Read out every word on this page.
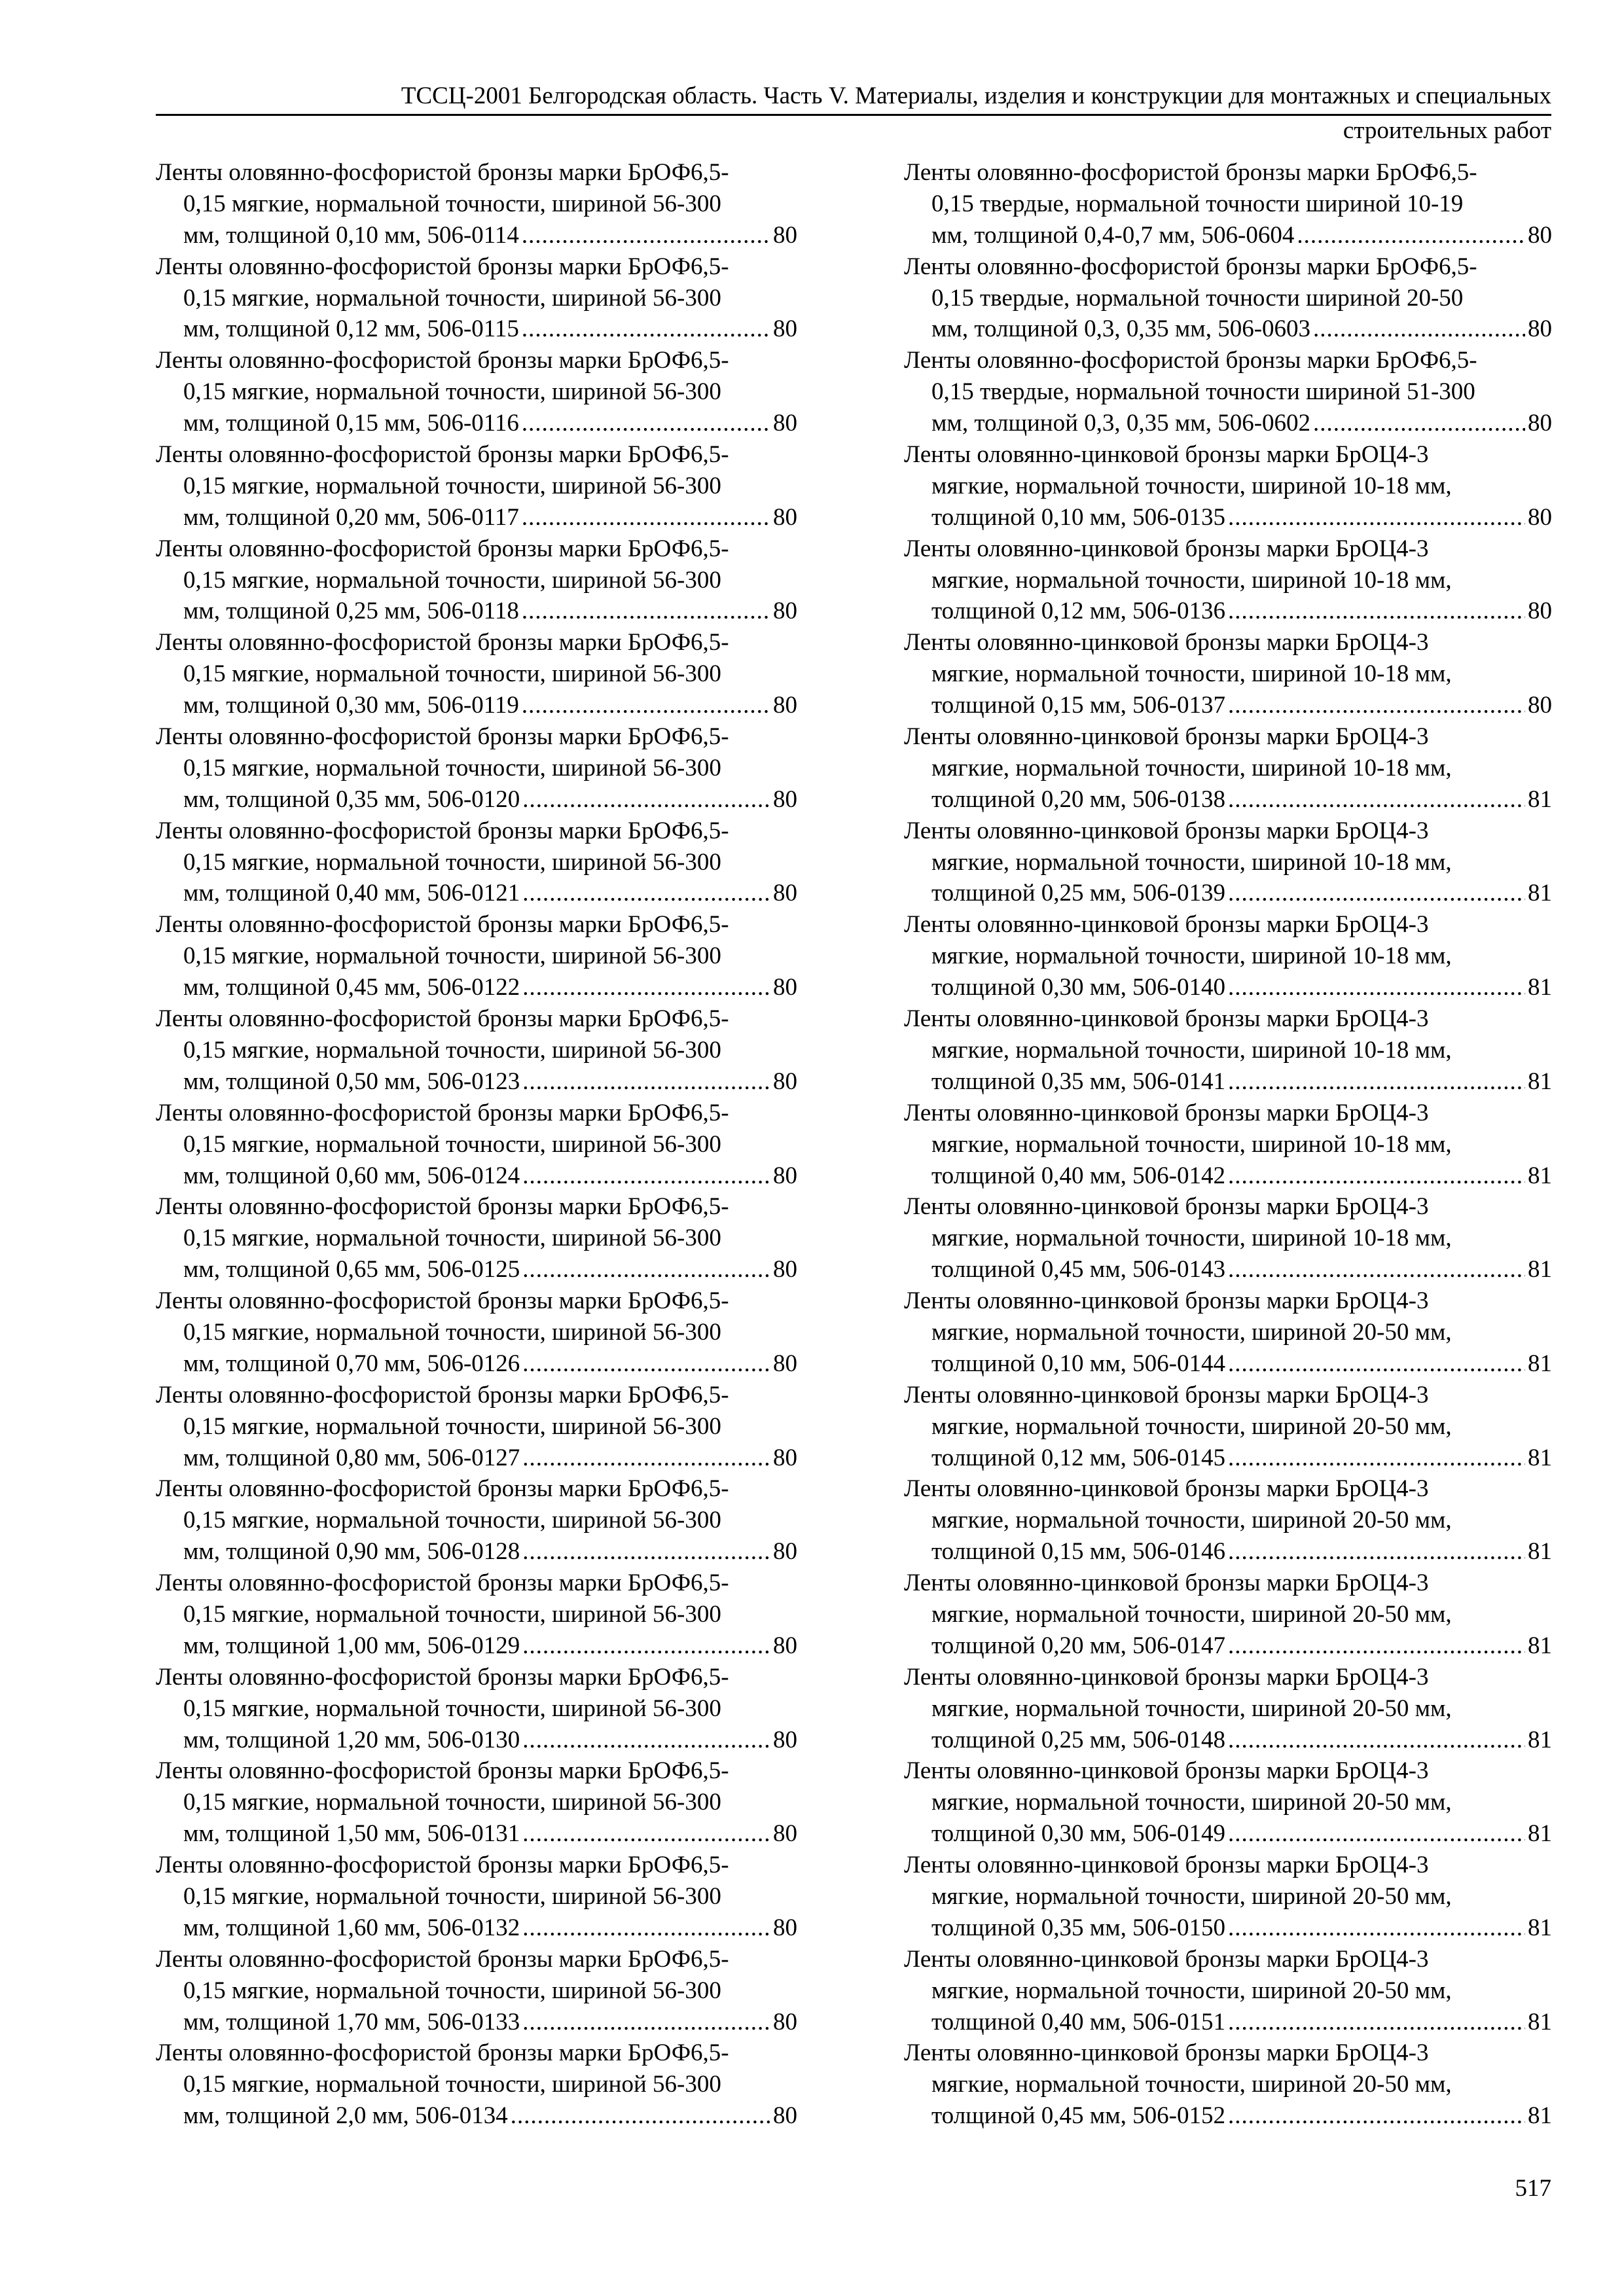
ТССЦ-2001 Белгородская область. Часть V. Материалы, изделия и конструкции для монтажных и специальных
строительных работ
Ленты оловянно-фосфористой бронзы марки БрОФ6,5-
0,15 мягкие, нормальной точности, шириной 56-300
мм, толщиной 0,10 мм, 506-0114 .....	80
Ленты оловянно-фосфористой бронзы марки БрОФ6,5-
0,15 мягкие, нормальной точности, шириной 56-300
мм, толщиной 0,12 мм, 506-0115 .....	80
Ленты оловянно-фосфористой бронзы марки БрОФ6,5-
0,15 мягкие, нормальной точности, шириной 56-300
мм, толщиной 0,15 мм, 506-0116 .....	80
Ленты оловянно-фосфористой бронзы марки БрОФ6,5-
0,15 мягкие, нормальной точности, шириной 56-300
мм, толщиной 0,20 мм, 506-0117 .....	80
Ленты оловянно-фосфористой бронзы марки БрОФ6,5-
0,15 мягкие, нормальной точности, шириной 56-300
мм, толщиной 0,25 мм, 506-0118 .....	80
Ленты оловянно-фосфористой бронзы марки БрОФ6,5-
0,15 мягкие, нормальной точности, шириной 56-300
мм, толщиной 0,30 мм, 506-0119 .....	80
Ленты оловянно-фосфористой бронзы марки БрОФ6,5-
0,15 мягкие, нормальной точности, шириной 56-300
мм, толщиной 0,35 мм, 506-0120 .....	80
Ленты оловянно-фосфористой бронзы марки БрОФ6,5-
0,15 мягкие, нормальной точности, шириной 56-300
мм, толщиной 0,40 мм, 506-0121 .....	80
Ленты оловянно-фосфористой бронзы марки БрОФ6,5-
0,15 мягкие, нормальной точности, шириной 56-300
мм, толщиной 0,45 мм, 506-0122 .....	80
Ленты оловянно-фосфористой бронзы марки БрОФ6,5-
0,15 мягкие, нормальной точности, шириной 56-300
мм, толщиной 0,50 мм, 506-0123 .....	80
Ленты оловянно-фосфористой бронзы марки БрОФ6,5-
0,15 мягкие, нормальной точности, шириной 56-300
мм, толщиной 0,60 мм, 506-0124 .....	80
Ленты оловянно-фосфористой бронзы марки БрОФ6,5-
0,15 мягкие, нормальной точности, шириной 56-300
мм, толщиной 0,65 мм, 506-0125 .....	80
Ленты оловянно-фосфористой бронзы марки БрОФ6,5-
0,15 мягкие, нормальной точности, шириной 56-300
мм, толщиной 0,70 мм, 506-0126 .....	80
Ленты оловянно-фосфористой бронзы марки БрОФ6,5-
0,15 мягкие, нормальной точности, шириной 56-300
мм, толщиной 0,80 мм, 506-0127 .....	80
Ленты оловянно-фосфористой бронзы марки БрОФ6,5-
0,15 мягкие, нормальной точности, шириной 56-300
мм, толщиной 0,90 мм, 506-0128 .....	80
Ленты оловянно-фосфористой бронзы марки БрОФ6,5-
0,15 мягкие, нормальной точности, шириной 56-300
мм, толщиной 1,00 мм, 506-0129 .....	80
Ленты оловянно-фосфористой бронзы марки БрОФ6,5-
0,15 мягкие, нормальной точности, шириной 56-300
мм, толщиной 1,20 мм, 506-0130 .....	80
Ленты оловянно-фосфористой бронзы марки БрОФ6,5-
0,15 мягкие, нормальной точности, шириной 56-300
мм, толщиной 1,50 мм, 506-0131 .....	80
Ленты оловянно-фосфористой бронзы марки БрОФ6,5-
0,15 мягкие, нормальной точности, шириной 56-300
мм, толщиной 1,60 мм, 506-0132 .....	80
Ленты оловянно-фосфористой бронзы марки БрОФ6,5-
0,15 мягкие, нормальной точности, шириной 56-300
мм, толщиной 1,70 мм, 506-0133 .....	80
Ленты оловянно-фосфористой бронзы марки БрОФ6,5-
0,15 мягкие, нормальной точности, шириной 56-300
мм, толщиной 2,0 мм, 506-0134 .....	80
Ленты оловянно-фосфористой бронзы марки БрОФ6,5-
0,15 твердые, нормальной точности шириной 10-19
мм, толщиной 0,4-0,7 мм, 506-0604 .....	80
Ленты оловянно-фосфористой бронзы марки БрОФ6,5-
0,15 твердые, нормальной точности шириной 20-50
мм, толщиной 0,3, 0,35 мм, 506-0603 .....	80
Ленты оловянно-фосфористой бронзы марки БрОФ6,5-
0,15 твердые, нормальной точности шириной 51-300
мм, толщиной 0,3, 0,35 мм, 506-0602 .....	80
Ленты оловянно-цинковой бронзы марки БрОЦ4-3
мягкие, нормальной точности, шириной 10-18 мм,
толщиной 0,10 мм, 506-0135 .....	80
Ленты оловянно-цинковой бронзы марки БрОЦ4-3
мягкие, нормальной точности, шириной 10-18 мм,
толщиной 0,12 мм, 506-0136 .....	80
Ленты оловянно-цинковой бронзы марки БрОЦ4-3
мягкие, нормальной точности, шириной 10-18 мм,
толщиной 0,15 мм, 506-0137 .....	80
Ленты оловянно-цинковой бронзы марки БрОЦ4-3
мягкие, нормальной точности, шириной 10-18 мм,
толщиной 0,20 мм, 506-0138 .....	81
Ленты оловянно-цинковой бронзы марки БрОЦ4-3
мягкие, нормальной точности, шириной 10-18 мм,
толщиной 0,25 мм, 506-0139 .....	81
Ленты оловянно-цинковой бронзы марки БрОЦ4-3
мягкие, нормальной точности, шириной 10-18 мм,
толщиной 0,30 мм, 506-0140 .....	81
Ленты оловянно-цинковой бронзы марки БрОЦ4-3
мягкие, нормальной точности, шириной 10-18 мм,
толщиной 0,35 мм, 506-0141 .....	81
Ленты оловянно-цинковой бронзы марки БрОЦ4-3
мягкие, нормальной точности, шириной 10-18 мм,
толщиной 0,40 мм, 506-0142 .....	81
Ленты оловянно-цинковой бронзы марки БрОЦ4-3
мягкие, нормальной точности, шириной 10-18 мм,
толщиной 0,45 мм, 506-0143 .....	81
Ленты оловянно-цинковой бронзы марки БрОЦ4-3
мягкие, нормальной точности, шириной 20-50 мм,
толщиной 0,10 мм, 506-0144 .....	81
Ленты оловянно-цинковой бронзы марки БрОЦ4-3
мягкие, нормальной точности, шириной 20-50 мм,
толщиной 0,12 мм, 506-0145 .....	81
Ленты оловянно-цинковой бронзы марки БрОЦ4-3
мягкие, нормальной точности, шириной 20-50 мм,
толщиной 0,15 мм, 506-0146 .....	81
Ленты оловянно-цинковой бронзы марки БрОЦ4-3
мягкие, нормальной точности, шириной 20-50 мм,
толщиной 0,20 мм, 506-0147 .....	81
Ленты оловянно-цинковой бронзы марки БрОЦ4-3
мягкие, нормальной точности, шириной 20-50 мм,
толщиной 0,25 мм, 506-0148 .....	81
Ленты оловянно-цинковой бронзы марки БрОЦ4-3
мягкие, нормальной точности, шириной 20-50 мм,
толщиной 0,30 мм, 506-0149 .....	81
Ленты оловянно-цинковой бронзы марки БрОЦ4-3
мягкие, нормальной точности, шириной 20-50 мм,
толщиной 0,35 мм, 506-0150 .....	81
Ленты оловянно-цинковой бронзы марки БрОЦ4-3
мягкие, нормальной точности, шириной 20-50 мм,
толщиной 0,40 мм, 506-0151 .....	81
Ленты оловянно-цинковой бронзы марки БрОЦ4-3
мягкие, нормальной точности, шириной 20-50 мм,
толщиной 0,45 мм, 506-0152 .....	81
517
